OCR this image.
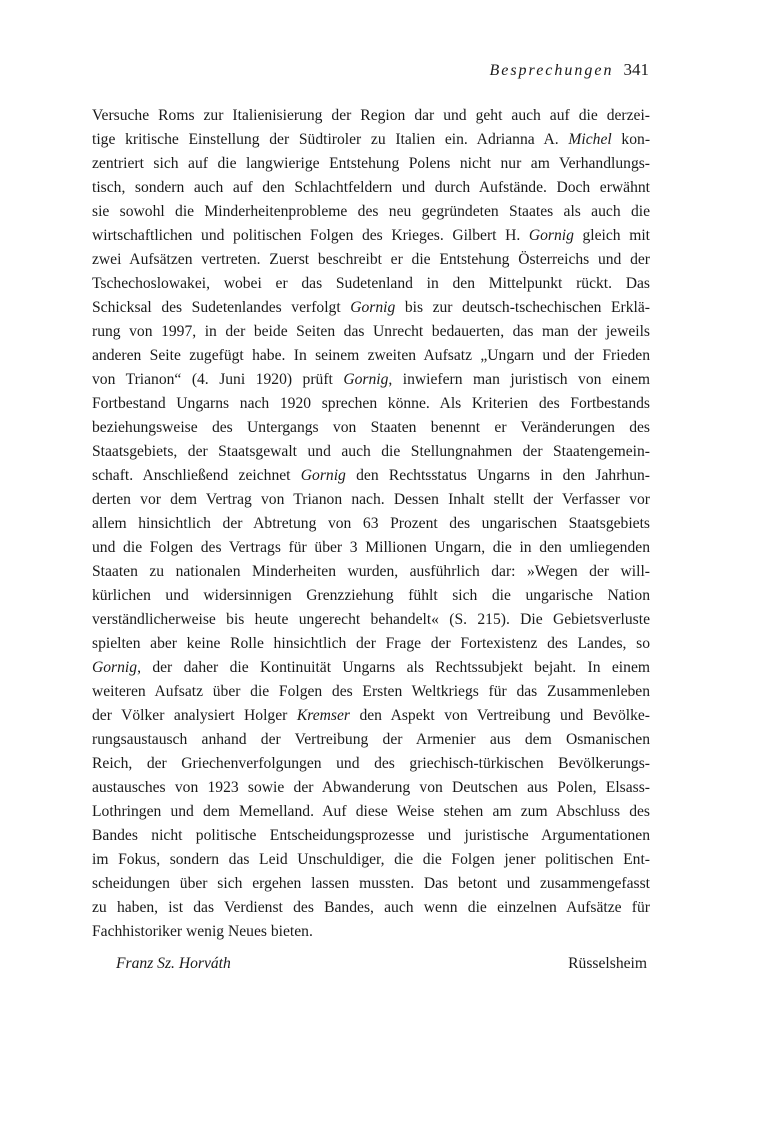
Besprechungen 341
Versuche Roms zur Italienisierung der Region dar und geht auch auf die derzei-
tige kritische Einstellung der Südtiroler zu Italien ein. Adrianna A. Michel kon-
zentriert sich auf die langwierige Entstehung Polens nicht nur am Verhandlungs-
tisch, sondern auch auf den Schlachtfeldern und durch Aufstände. Doch erwähnt
sie sowohl die Minderheitenprobleme des neu gegründeten Staates als auch die
wirtschaftlichen und politischen Folgen des Krieges. Gilbert H. Gornig gleich mit
zwei Aufsätzen vertreten. Zuerst beschreibt er die Entstehung Österreichs und der
Tschechoslowakei, wobei er das Sudetenland in den Mittelpunkt rückt. Das
Schicksal des Sudetenlandes verfolgt Gornig bis zur deutsch-tschechischen Erklä-
rung von 1997, in der beide Seiten das Unrecht bedauerten, das man der jeweils
anderen Seite zugefügt habe. In seinem zweiten Aufsatz „Ungarn und der Frieden
von Trianon“ (4. Juni 1920) prüft Gornig, inwiefern man juristisch von einem
Fortbestand Ungarns nach 1920 sprechen könne. Als Kriterien des Fortbestands
beziehungsweise des Untergangs von Staaten benennt er Veränderungen des
Staatsgebiets, der Staatsgewalt und auch die Stellungnahmen der Staatengemein-
schaft. Anschließend zeichnet Gornig den Rechtsstatus Ungarns in den Jahrhun-
derten vor dem Vertrag von Trianon nach. Dessen Inhalt stellt der Verfasser vor
allem hinsichtlich der Abtretung von 63 Prozent des ungarischen Staatsgebiets
und die Folgen des Vertrags für über 3 Millionen Ungarn, die in den umliegenden
Staaten zu nationalen Minderheiten wurden, ausführlich dar: »Wegen der will-
kürlichen und widersinnigen Grenzziehung fühlt sich die ungarische Nation
verständlicherweise bis heute ungerecht behandelt« (S. 215). Die Gebietsverluste
spielten aber keine Rolle hinsichtlich der Frage der Fortexistenz des Landes, so
Gornig, der daher die Kontinuität Ungarns als Rechtssubjekt bejaht. In einem
weiteren Aufsatz über die Folgen des Ersten Weltkriegs für das Zusammenleben
der Völker analysiert Holger Kremser den Aspekt von Vertreibung und Bevölke-
rungsaustausch anhand der Vertreibung der Armenier aus dem Osmanischen
Reich, der Griechenverfolgungen und des griechisch-türkischen Bevölkerungs-
austausches von 1923 sowie der Abwanderung von Deutschen aus Polen, Elsass-
Lothringen und dem Memelland. Auf diese Weise stehen am zum Abschluss des
Bandes nicht politische Entscheidungsprozesse und juristische Argumentationen
im Fokus, sondern das Leid Unschuldiger, die die Folgen jener politischen Ent-
scheidungen über sich ergehen lassen mussten. Das betont und zusammengefasst
zu haben, ist das Verdienst des Bandes, auch wenn die einzelnen Aufsätze für
Fachhistoriker wenig Neues bieten.
Franz Sz. Horváth	Rüsselsheim
